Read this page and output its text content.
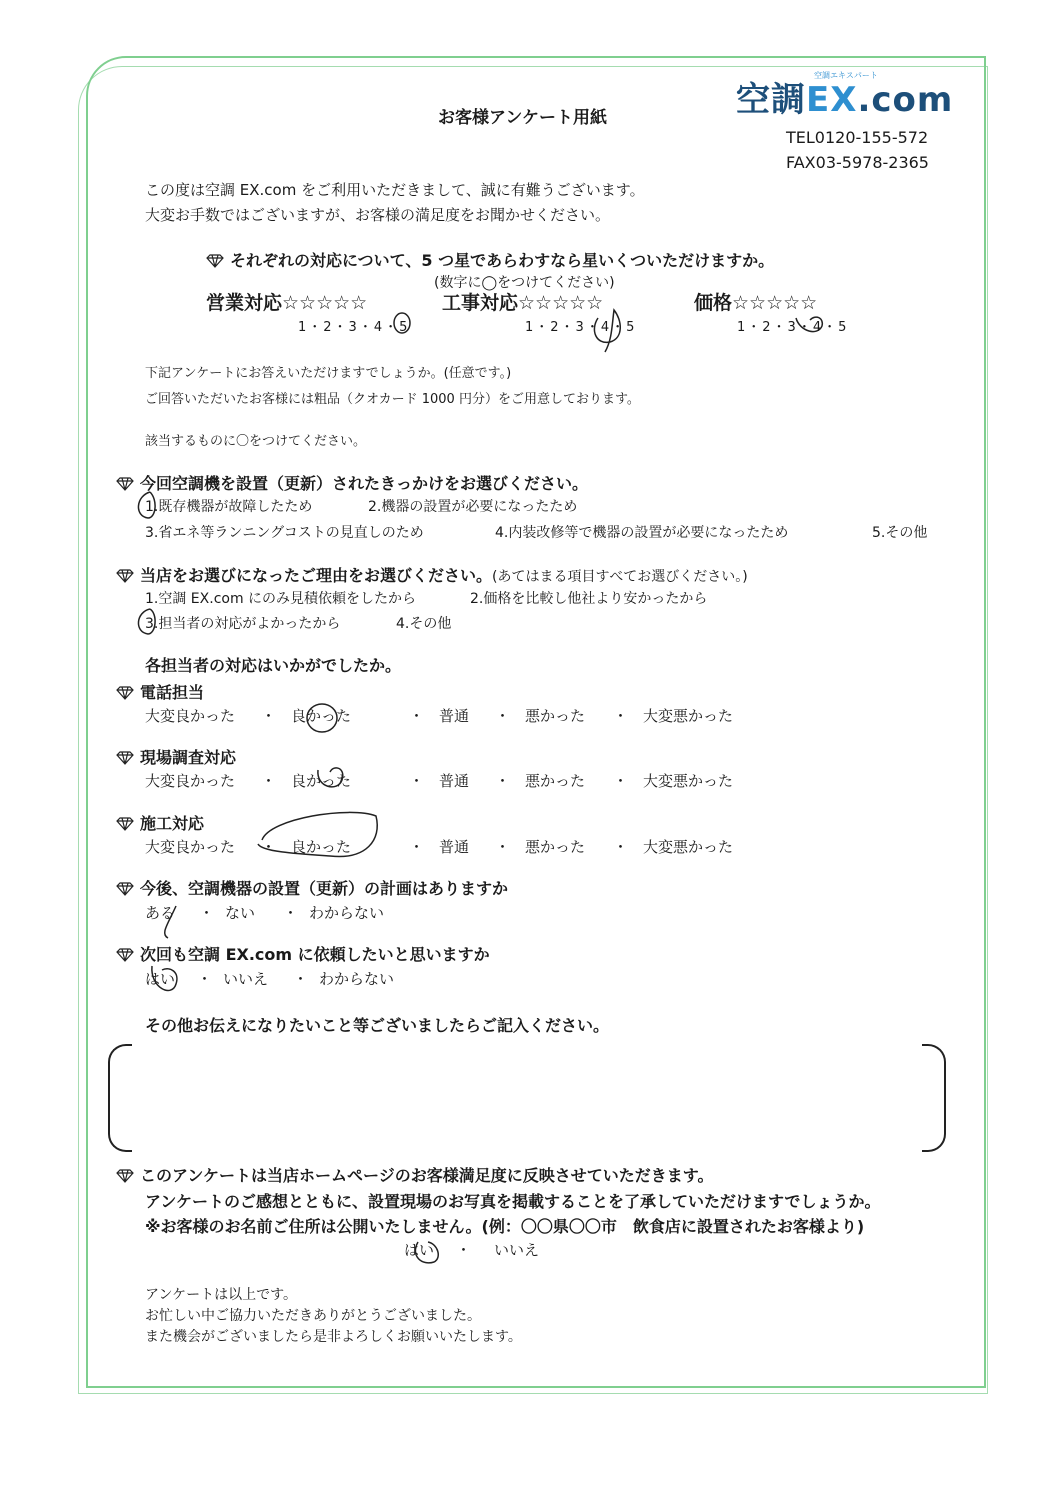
空調EX.com
空調エキスパート
お客様アンケート用紙
TEL0120-155-572
FAX03-5978-2365
この度は空調 EX.com をご利用いただきまして、誠に有難うございます。
大変お手数ではございますが、お客様の満足度をお聞かせください。
それぞれの対応について、5 つ星であらわすなら星いくついただけますか。
(数字に◯をつけてください)
営業対応☆☆☆☆☆
1・2・3・4・5
工事対応☆☆☆☆☆
1・2・3・4・5
価格☆☆☆☆☆
1・2・3・4・5
下記アンケートにお答えいただけますでしょうか。(任意です。)
ご回答いただいたお客様には粗品（クオカード 1000 円分）をご用意しております。
該当するものに〇をつけてください。
今回空調機を設置（更新）されたきっかけをお選びください。
1.既存機器が故障したため	2.機器の設置が必要になったため
3.省エネ等ランニングコストの見直しのため	4.内装改修等で機器の設置が必要になったため	5.その他
当店をお選びになったご理由をお選びください。(あてはまる項目すべてお選びください。)
1.空調 EX.com にのみ見積依頼をしたから	2.価格を比較し他社より安かったから
3.担当者の対応がよかったから	4.その他
各担当者の対応はいかがでしたか。
電話担当
大変良かった ・ 良かった	・ 普通 ・ 悪かった ・ 大変悪かった
現場調査対応
大変良かった ・ 良かった	・ 普通 ・ 悪かった ・ 大変悪かった
施工対応
大変良かった ・ 良かった	・ 普通 ・ 悪かった ・ 大変悪かった
今後、空調機器の設置（更新）の計画はありますか
ある ・ ない ・ わからない
次回も空調 EX.com に依頼したいと思いますか
はい ・ いいえ ・ わからない
その他お伝えになりたいこと等ございましたらご記入ください。
このアンケートは当店ホームページのお客様満足度に反映させていただきます。
アンケートのご感想とともに、設置現場のお写真を掲載することを了承していただけますでしょうか。
※お客様のお名前ご住所は公開いたしません。(例：〇〇県〇〇市　飲食店に設置されたお客様より)
はい ・ いいえ
アンケートは以上です。
お忙しい中ご協力いただきありがとうございました。
また機会がございましたら是非よろしくお願いいたします。
